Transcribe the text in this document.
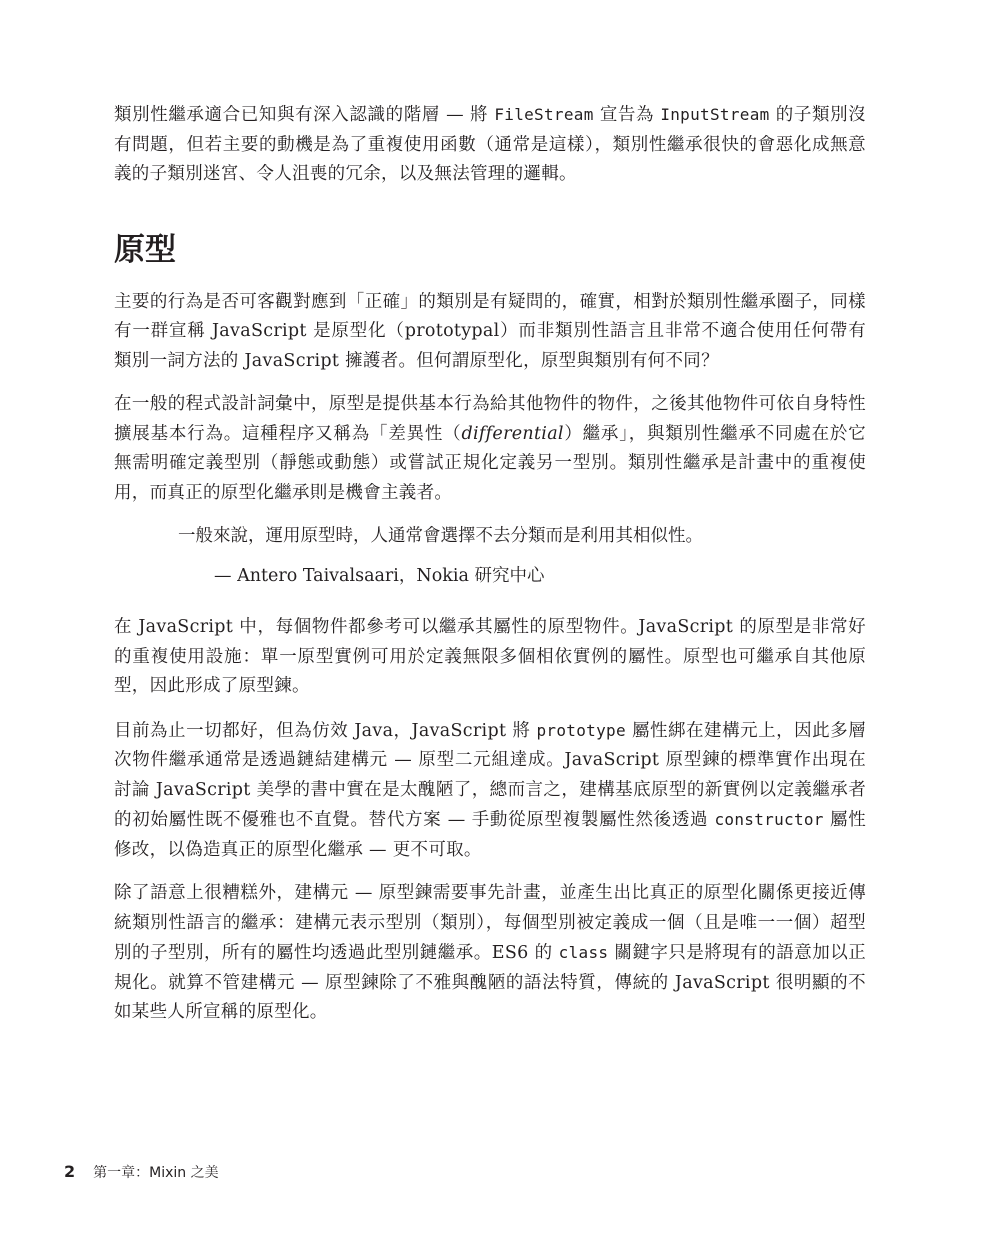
類別性繼承適合已知與有深入認識的階層 — 將 FileStream 宣告為 InputStream 的子類別沒有問題，但若主要的動機是為了重複使用函數（通常是這樣），類別性繼承很快的會惡化成無意義的子類別迷宮、令人沮喪的冗余，以及無法管理的邏輯。

原型

主要的行為是否可客觀對應到「正確」的類別是有疑問的，確實，相對於類別性繼承圈子，同樣有一群宣稱 JavaScript 是原型化（prototypal）而非類別性語言且非常不適合使用任何帶有類別一詞方法的 JavaScript 擁護者。但何謂原型化，原型與類別有何不同？

在一般的程式設計詞彙中，原型是提供基本行為給其他物件的物件，之後其他物件可依自身特性擴展基本行為。這種程序又稱為「差異性（differential）繼承」，與類別性繼承不同處在於它無需明確定義型別（靜態或動態）或嘗試正規化定義另一型別。類別性繼承是計畫中的重複使用，而真正的原型化繼承則是機會主義者。

一般來說，運用原型時，人通常會選擇不去分類而是利用其相似性。
— Antero Taivalsaari，Nokia 研究中心

在 JavaScript 中，每個物件都參考可以繼承其屬性的原型物件。JavaScript 的原型是非常好的重複使用設施：單一原型實例可用於定義無限多個相依實例的屬性。原型也可繼承自其他原型，因此形成了原型鍊。

目前為止一切都好，但為仿效 Java，JavaScript 將 prototype 屬性綁在建構元上，因此多層次物件繼承通常是透過鏈結建構元 — 原型二元組達成。JavaScript 原型鍊的標準實作出現在討論 JavaScript 美學的書中實在是太醜陋了，總而言之，建構基底原型的新實例以定義繼承者的初始屬性既不優雅也不直覺。替代方案 — 手動從原型複製屬性然後透過 constructor 屬性修改，以偽造真正的原型化繼承 — 更不可取。

除了語意上很糟糕外，建構元 — 原型鍊需要事先計畫，並產生出比真正的原型化關係更接近傳統類別性語言的繼承：建構元表示型別（類別），每個型別被定義成一個（且是唯一一個）超型別的子型別，所有的屬性均透過此型別鏈繼承。ES6 的 class 關鍵字只是將現有的語意加以正規化。就算不管建構元 — 原型鍊除了不雅與醜陋的語法特質，傳統的 JavaScript 很明顯的不如某些人所宣稱的原型化。

2 第一章：Mixin 之美
